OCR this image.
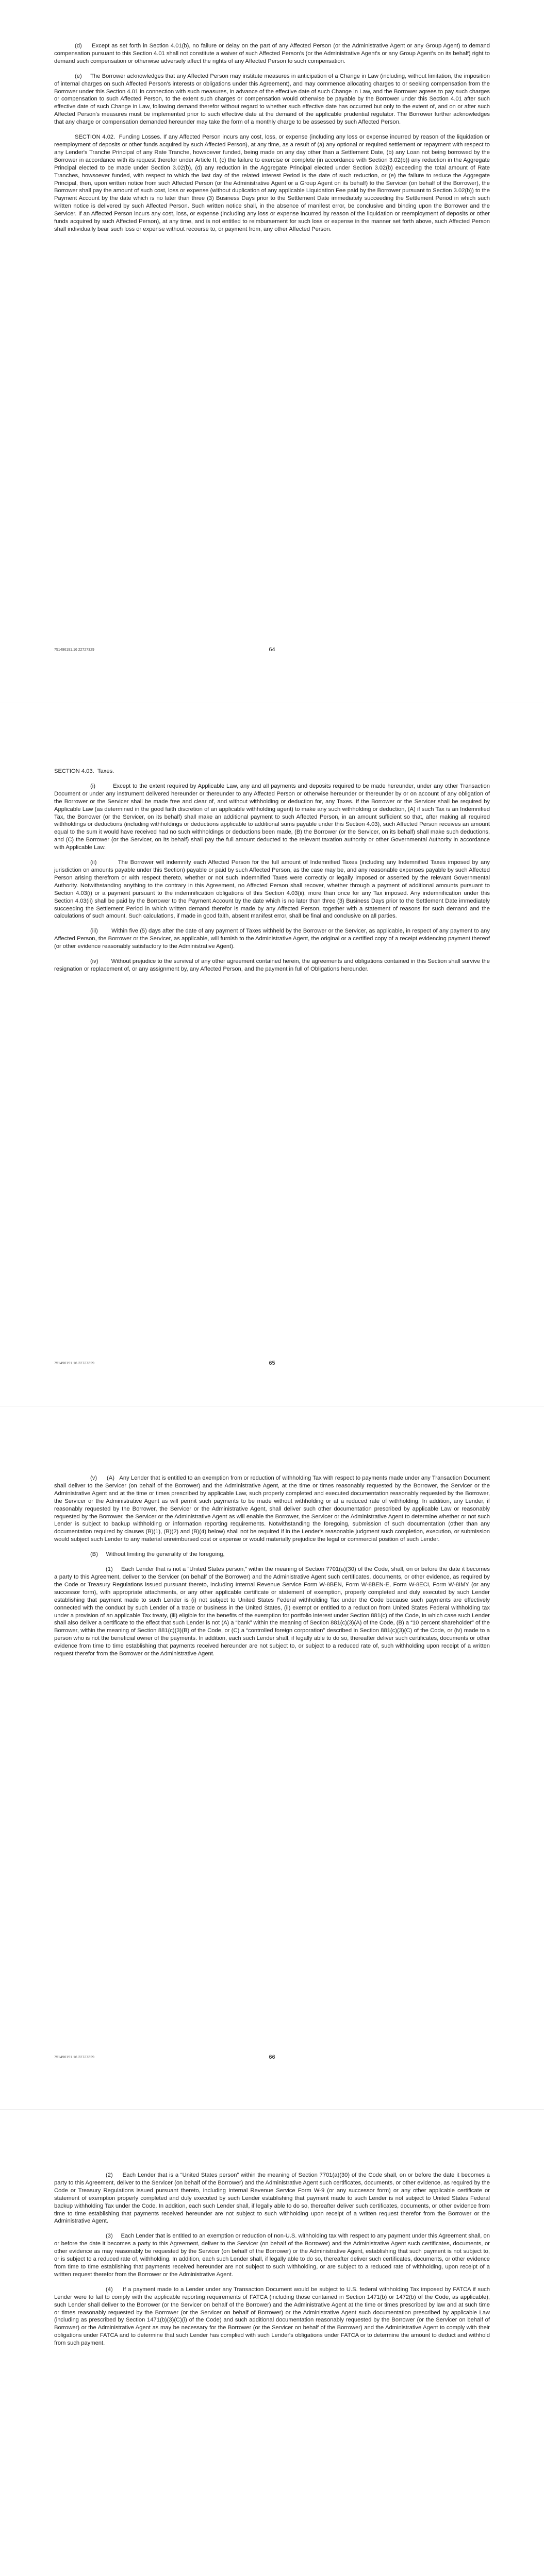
(d)     Except as set forth in Section 4.01(b), no failure or delay on the part of any Affected Person (or the Administrative Agent or any Group Agent) to demand compensation pursuant to this Section 4.01 shall not constitute a waiver of such Affected Person's (or the Administrative Agent's or any Group Agent's on its behalf) right to demand such compensation or otherwise adversely affect the rights of any Affected Person to such compensation.

(e)     The Borrower acknowledges that any Affected Person may institute measures in anticipation of a Change in Law (including, without limitation, the imposition of internal charges on such Affected Person's interests or obligations under this Agreement), and may commence allocating charges to or seeking compensation from the Borrower under this Section 4.01 in connection with such measures, in advance of the effective date of such Change in Law, and the Borrower agrees to pay such charges or compensation to such Affected Person, to the extent such charges or compensation would otherwise be payable by the Borrower under this Section 4.01 after such effective date of such Change in Law, following demand therefor without regard to whether such effective date has occurred but only to the extent of, and on or after such Affected Person's measures must be implemented prior to such effective date at the demand of the applicable prudential regulator. The Borrower further acknowledges that any charge or compensation demanded hereunder may take the form of a monthly charge to be assessed by such Affected Person.

SECTION 4.02.  Funding Losses. If any Affected Person incurs any cost, loss, or expense (including any loss or expense incurred by reason of the liquidation or reemployment of deposits or other funds acquired by such Affected Person), at any time, as a result of (a) any optional or required settlement or repayment with respect to any Lender's Tranche Principal of any Rate Tranche, howsoever funded, being made on any day other than a Settlement Date, (b) any Loan not being borrowed by the Borrower in accordance with its request therefor under Article II, (c) the failure to exercise or complete (in accordance with Section 3.02(b)) any reduction in the Aggregate Principal elected to be made under Section 3.02(b), (d) any reduction in the Aggregate Principal elected under Section 3.02(b) exceeding the total amount of Rate Tranches, howsoever funded, with respect to which the last day of the related Interest Period is the date of such reduction, or (e) the failure to reduce the Aggregate Principal, then, upon written notice from such Affected Person (or the Administrative Agent or a Group Agent on its behalf) to the Servicer (on behalf of the Borrower), the Borrower shall pay the amount of such cost, loss or expense (without duplication of any applicable Liquidation Fee paid by the Borrower pursuant to Section 3.02(b)) to the Payment Account by the date which is no later than three (3) Business Days prior to the Settlement Date immediately succeeding the Settlement Period in which such written notice is delivered by such Affected Person. Such written notice shall, in the absence of manifest error, be conclusive and binding upon the Borrower and the Servicer. If an Affected Person incurs any cost, loss, or expense (including any loss or expense incurred by reason of the liquidation or reemployment of deposits or other funds acquired by such Affected Person), at any time, and is not entitled to reimbursement for such loss or expense in the manner set forth above, such Affected Person shall individually bear such loss or expense without recourse to, or payment from, any other Affected Person.

751496191.16 22727329	64
SECTION 4.03.  Taxes.

(i)         Except to the extent required by Applicable Law, any and all payments and deposits required to be made hereunder, under any other Transaction Document or under any instrument delivered hereunder or thereunder to any Affected Person or otherwise hereunder or thereunder by or on account of any obligation of the Borrower or the Servicer shall be made free and clear of, and without withholding or deduction for, any Taxes. If the Borrower or the Servicer shall be required by Applicable Law (as determined in the good faith discretion of an applicable withholding agent) to make any such withholding or deduction, (A) if such Tax is an Indemnified Tax, the Borrower (or the Servicer, on its behalf) shall make an additional payment to such Affected Person, in an amount sufficient so that, after making all required withholdings or deductions (including withholdings or deductions applicable to additional sums payable under this Section 4.03), such Affected Person receives an amount equal to the sum it would have received had no such withholdings or deductions been made, (B) the Borrower (or the Servicer, on its behalf) shall make such deductions, and (C) the Borrower (or the Servicer, on its behalf) shall pay the full amount deducted to the relevant taxation authority or other Governmental Authority in accordance with Applicable Law.

(ii)         The Borrower will indemnify each Affected Person for the full amount of Indemnified Taxes (including any Indemnified Taxes imposed by any jurisdiction on amounts payable under this Section) payable or paid by such Affected Person, as the case may be, and any reasonable expenses payable by such Affected Person arising therefrom or with respect thereto, whether or not such Indemnified Taxes were correctly or legally imposed or asserted by the relevant Governmental Authority. Notwithstanding anything to the contrary in this Agreement, no Affected Person shall recover, whether through a payment of additional amounts pursuant to Section 4.03(i) or a payment pursuant to the indemnification obligations of this Section 4.03(ii), more than once for any Tax imposed. Any indemnification under this Section 4.03(ii) shall be paid by the Borrower to the Payment Account by the date which is no later than three (3) Business Days prior to the Settlement Date immediately succeeding the Settlement Period in which written demand therefor is made by any Affected Person, together with a statement of reasons for such demand and the calculations of such amount. Such calculations, if made in good faith, absent manifest error, shall be final and conclusive on all parties.

(iii)        Within five (5) days after the date of any payment of Taxes withheld by the Borrower or the Servicer, as applicable, in respect of any payment to any Affected Person, the Borrower or the Servicer, as applicable, will furnish to the Administrative Agent, the original or a certified copy of a receipt evidencing payment thereof (or other evidence reasonably satisfactory to the Administrative Agent).

(iv)        Without prejudice to the survival of any other agreement contained herein, the agreements and obligations contained in this Section shall survive the resignation or replacement of, or any assignment by, any Affected Person, and the payment in full of Obligations hereunder.

751496191.16 22727329	65

(v)      (A)   Any Lender that is entitled to an exemption from or reduction of withholding Tax with respect to payments made under any Transaction Document shall deliver to the Servicer (on behalf of the Borrower) and the Administrative Agent, at the time or times reasonably requested by the Borrower, the Servicer or the Administrative Agent and at the time or times prescribed by applicable Law, such properly completed and executed documentation reasonably requested by the Borrower, the Servicer or the Administrative Agent as will permit such payments to be made without withholding or at a reduced rate of withholding. In addition, any Lender, if reasonably requested by the Borrower, the Servicer or the Administrative Agent, shall deliver such other documentation prescribed by applicable Law or reasonably requested by the Borrower, the Servicer or the Administrative Agent as will enable the Borrower, the Servicer or the Administrative Agent to determine whether or not such Lender is subject to backup withholding or information reporting requirements. Notwithstanding the foregoing, submission of such documentation (other than any documentation required by clauses (B)(1), (B)(2) and (B)(4) below) shall not be required if in the Lender's reasonable judgment such completion, execution, or submission would subject such Lender to any material unreimbursed cost or expense or would materially prejudice the legal or commercial position of such Lender.

(B)     Without limiting the generality of the foregoing,

(1)     Each Lender that is not a “United States person,” within the meaning of Section 7701(a)(30) of the Code, shall, on or before the date it becomes a party to this Agreement, deliver to the Servicer (on behalf of the Borrower) and the Administrative Agent such certificates, documents, or other evidence, as required by the Code or Treasury Regulations issued pursuant thereto, including Internal Revenue Service Form W-8BEN, Form W-8BEN-E, Form W-8ECI, Form W-8IMY (or any successor form), with appropriate attachments, or any other applicable certificate or statement of exemption, properly completed and duly executed by such Lender establishing that payment made to such Lender is (i) not subject to United States Federal withholding Tax under the Code because such payments are effectively connected with the conduct by such Lender of a trade or business in the United States, (ii) exempt or entitled to a reduction from United States Federal withholding tax under a provision of an applicable Tax treaty, (iii) eligible for the benefits of the exemption for portfolio interest under Section 881(c) of the Code, in which case such Lender shall also deliver a certificate to the effect that such Lender is not (A) a “bank” within the meaning of Section 881(c)(3)(A) of the Code, (B) a “10 percent shareholder” of the Borrower, within the meaning of Section 881(c)(3)(B) of the Code, or (C) a “controlled foreign corporation” described in Section 881(c)(3)(C) of the Code, or (iv) made to a person who is not the beneficial owner of the payments. In addition, each such Lender shall, if legally able to do so, thereafter deliver such certificates, documents or other evidence from time to time establishing that payments received hereunder are not subject to, or subject to a reduced rate of, such withholding upon receipt of a written request therefor from the Borrower or the Administrative Agent.

751496191.16 22727329	66

(2)     Each Lender that is a “United States person” within the meaning of Section 7701(a)(30) of the Code shall, on or before the date it becomes a party to this Agreement, deliver to the Servicer (on behalf of the Borrower) and the Administrative Agent such certificates, documents, or other evidence, as required by the Code or Treasury Regulations issued pursuant thereto, including Internal Revenue Service Form W-9 (or any successor form) or any other applicable certificate or statement of exemption properly completed and duly executed by such Lender establishing that payment made to such Lender is not subject to United States Federal backup withholding Tax under the Code. In addition, each such Lender shall, if legally able to do so, thereafter deliver such certificates, documents, or other evidence from time to time establishing that payments received hereunder are not subject to such withholding upon receipt of a written request therefor from the Borrower or the Administrative Agent.

(3)     Each Lender that is entitled to an exemption or reduction of non-U.S. withholding tax with respect to any payment under this Agreement shall, on or before the date it becomes a party to this Agreement, deliver to the Servicer (on behalf of the Borrower) and the Administrative Agent such certificates, documents, or other evidence as may reasonably be requested by the Servicer (on behalf of the Borrower) or the Administrative Agent, establishing that such payment is not subject to, or is subject to a reduced rate of, withholding. In addition, each such Lender shall, if legally able to do so, thereafter deliver such certificates, documents, or other evidence from time to time establishing that payments received hereunder are not subject to such withholding, or are subject to a reduced rate of withholding, upon receipt of a written request therefor from the Borrower or the Administrative Agent.

(4)     If a payment made to a Lender under any Transaction Document would be subject to U.S. federal withholding Tax imposed by FATCA if such Lender were to fail to comply with the applicable reporting requirements of FATCA (including those contained in Section 1471(b) or 1472(b) of the Code, as applicable), such Lender shall deliver to the Borrower (or the Servicer on behalf of the Borrower) and the Administrative Agent at the time or times prescribed by law and at such time or times reasonably requested by the Borrower (or the Servicer on behalf of Borrower) or the Administrative Agent such documentation prescribed by applicable Law (including as prescribed by Section 1471(b)(3)(C)(i) of the Code) and such additional documentation reasonably requested by the Borrower (or the Servicer on behalf of Borrower) or the Administrative Agent as may be necessary for the Borrower (or the Servicer on behalf of the Borrower) and the Administrative Agent to comply with their obligations under FATCA and to determine that such Lender has complied with such Lender's obligations under FATCA or to determine the amount to deduct and withhold from such payment.
